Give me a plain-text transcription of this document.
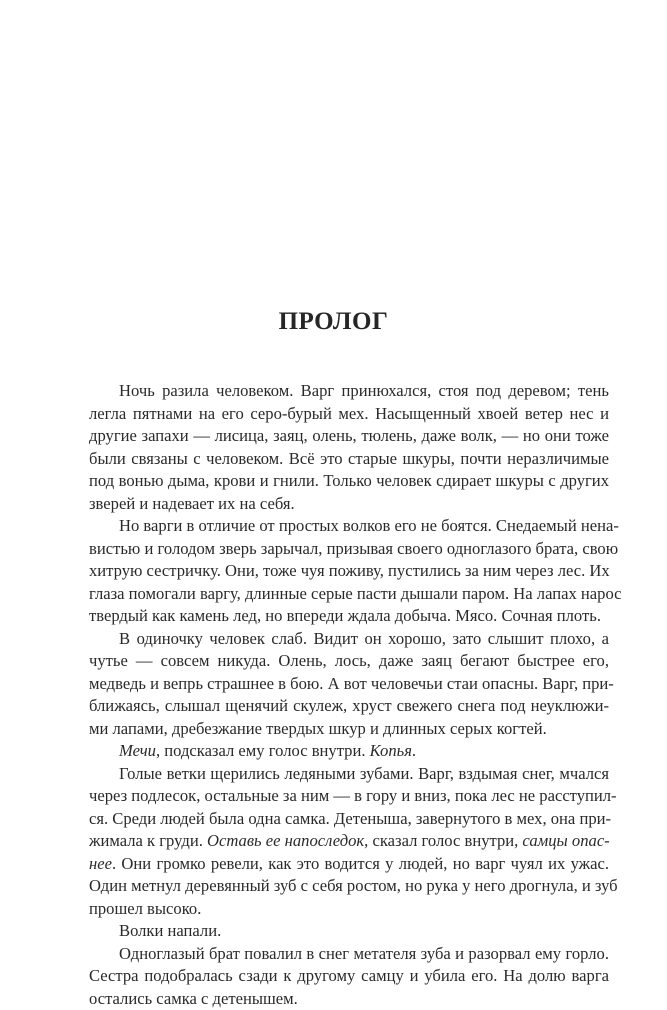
ПРОЛОГ
Ночь разила человеком. Варг принюхался, стоя под деревом; тень
легла пятнами на его серо-бурый мех. Насыщенный хвоей ветер нес и
другие запахи — лисица, заяц, олень, тюлень, даже волк, — но они тоже
были связаны с человеком. Всё это старые шкуры, почти неразличимые
под вонью дыма, крови и гнили. Только человек сдирает шкуры с других
зверей и надевает их на себя.
Но варги в отличие от простых волков его не боятся. Снедаемый нена-
вистью и голодом зверь зарычал, призывая своего одноглазого брата, свою
хитрую сестричку. Они, тоже чуя поживу, пустились за ним через лес. Их
глаза помогали варгу, длинные серые пасти дышали паром. На лапах нарос
твердый как камень лед, но впереди ждала добыча. Мясо. Сочная плоть.
В одиночку человек слаб. Видит он хорошо, зато слышит плохо, а
чутье — совсем никуда. Олень, лось, даже заяц бегают быстрее его,
медведь и вепрь страшнее в бою. А вот человечьи стаи опасны. Варг, при-
ближаясь, слышал щенячий скулеж, хруст свежего снега под неуклюжи-
ми лапами, дребезжание твердых шкур и длинных серых когтей.
Мечи, подсказал ему голос внутри. Копья.
Голые ветки щерились ледяными зубами. Варг, вздымая снег, мчался
через подлесок, остальные за ним — в гору и вниз, пока лес не расступил-
ся. Среди людей была одна самка. Детеныша, завернутого в мех, она при-
жимала к груди. Оставь ее напоследок, сказал голос внутри, самцы опас-
нее. Они громко ревели, как это водится у людей, но варг чуял их ужас.
Один метнул деревянный зуб с себя ростом, но рука у него дрогнула, и зуб
прошел высоко.
Волки напали.
Одноглазый брат повалил в снег метателя зуба и разорвал ему горло.
Сестра подобралась сзади к другому самцу и убила его. На долю варга
остались самка с детенышем.
